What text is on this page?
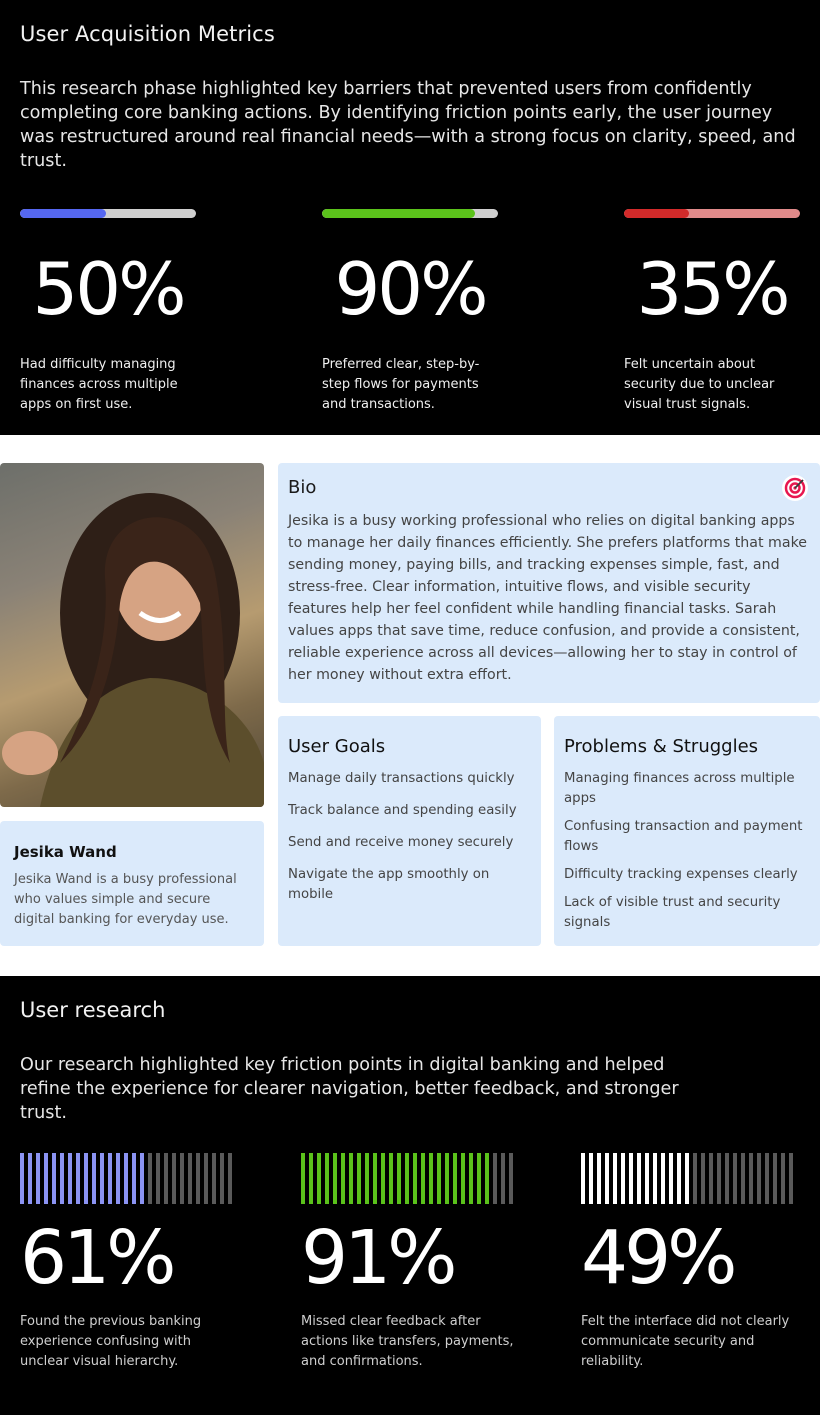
User Acquisition Metrics

This research phase highlighted key barriers that prevented users from confidently completing core banking actions. By identifying friction points early, the user journey was restructured around real financial needs—with a strong focus on clarity, speed, and trust.

50%

Had difficulty managing finances across multiple apps on first use.

90%

Preferred clear, step-by-step flows for payments and transactions.

35%

Felt uncertain about security due to unclear visual trust signals.

Jesika Wand

Jesika Wand is a busy professional who values simple and secure digital banking for everyday use.

Bio

Jesika is a busy working professional who relies on digital banking apps to manage her daily finances efficiently. She prefers platforms that make sending money, paying bills, and tracking expenses simple, fast, and stress-free. Clear information, intuitive flows, and visible security features help her feel confident while handling financial tasks. Sarah values apps that save time, reduce confusion, and provide a consistent, reliable experience across all devices—allowing her to stay in control of her money without extra effort.

User Goals
Manage daily transactions quickly
Track balance and spending easily
Send and receive money securely
Navigate the app smoothly on mobile
Problems & Struggles
Managing finances across multiple apps
Confusing transaction and payment flows
Difficulty tracking expenses clearly
Lack of visible trust and security signals
User research

Our research highlighted key friction points in digital banking and helped refine the experience for clearer navigation, better feedback, and stronger trust.

61%

Found the previous banking experience confusing with unclear visual hierarchy.

91%

Missed clear feedback after actions like transfers, payments, and confirmations.

49%

Felt the interface did not clearly communicate security and reliability.
